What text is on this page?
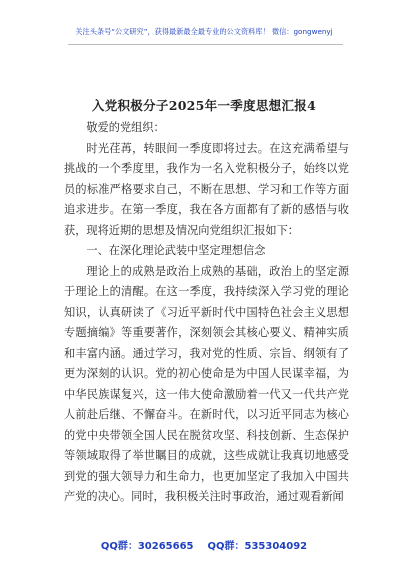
关注头条号“公文研究”，获得最新最全最专业的公文资料库！ 微信：gongwenyj
入党积极分子2025年一季度思想汇报4

敬爱的党组织：

时光荏苒，转眼间一季度即将过去。在这充满希望与挑战的一个季度里，我作为一名入党积极分子，始终以党员的标准严格要求自己，不断在思想、学习和工作等方面追求进步。在第一季度，我在各方面都有了新的感悟与收获，现将近期的思想及情况向党组织汇报如下：

一、在深化理论武装中坚定理想信念

理论上的成熟是政治上成熟的基础，政治上的坚定源于理论上的清醒。在这一季度，我持续深入学习党的理论知识，认真研读了《习近平新时代中国特色社会主义思想专题摘编》等重要著作，深刻领会其核心要义、精神实质和丰富内涵。通过学习，我对党的性质、宗旨、纲领有了更为深刻的认识。党的初心使命是为中国人民谋幸福，为中华民族谋复兴，这一伟大使命激励着一代又一代共产党人前赴后继、不懈奋斗。在新时代，以习近平同志为核心的党中央带领全国人民在脱贫攻坚、科技创新、生态保护等领域取得了举世瞩目的成就，这些成就让我真切地感受到党的强大领导力和生命力，也更加坚定了我加入中国共产党的决心。同时，我积极关注时事政治，通过观看新闻

QQ群：30265665 QQ群：535304092
